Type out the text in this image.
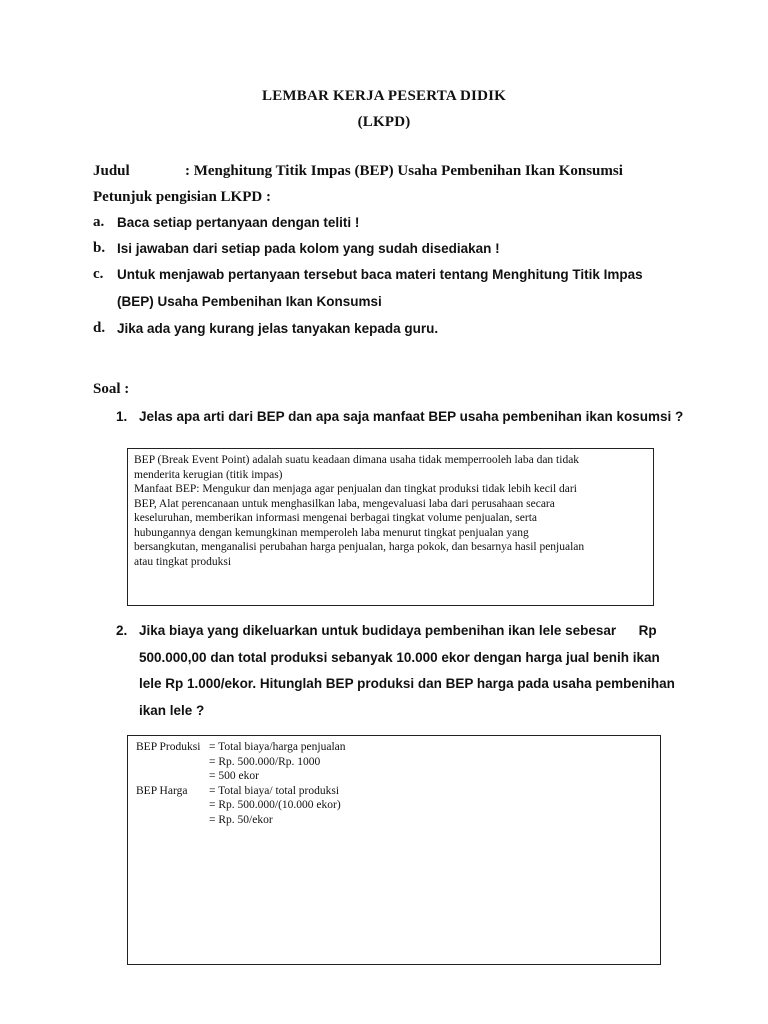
LEMBAR KERJA PESERTA DIDIK
(LKPD)
Judul	: Menghitung Titik Impas (BEP) Usaha Pembenihan Ikan Konsumsi
Petunjuk pengisian LKPD :
a. Baca setiap pertanyaan dengan teliti !
b. Isi jawaban dari setiap pada kolom yang sudah disediakan !
c. Untuk menjawab pertanyaan tersebut baca materi tentang Menghitung Titik Impas
(BEP) Usaha Pembenihan Ikan Konsumsi
d. Jika ada yang kurang jelas tanyakan kepada guru.
Soal :
1. Jelas apa arti dari BEP dan apa saja manfaat BEP usaha pembenihan ikan kosumsi ?

BEP (Break Event Point) adalah suatu keadaan dimana usaha tidak memperrooleh laba dan tidak

menderita kerugian (titik impas)

Manfaat BEP: Mengukur dan menjaga agar penjualan dan tingkat produksi tidak lebih kecil dari

BEP, Alat perencanaan untuk menghasilkan laba, mengevaluasi laba dari perusahaan secara

keseluruhan, memberikan informasi mengenai berbagai tingkat volume penjualan, serta

hubungannya dengan kemungkinan memperoleh laba menurut tingkat penjualan yang

bersangkutan, menganalisi perubahan harga penjualan, harga pokok, dan besarnya hasil penjualan

atau tingkat produksi

2. Jika biaya yang dikeluarkan untuk budidaya pembenihan ikan lele sebesar      Rp
500.000,00 dan total produksi sebanyak 10.000 ekor dengan harga jual benih ikan
lele Rp 1.000/ekor. Hitunglah BEP produksi dan BEP harga pada usaha pembenihan
ikan lele ?
BEP Produksi = Total biaya/harga penjualan
= Rp. 500.000/Rp. 1000
= 500 ekor
BEP Harga = Total biaya/ total produksi
= Rp. 500.000/(10.000 ekor)
= Rp. 50/ekor
